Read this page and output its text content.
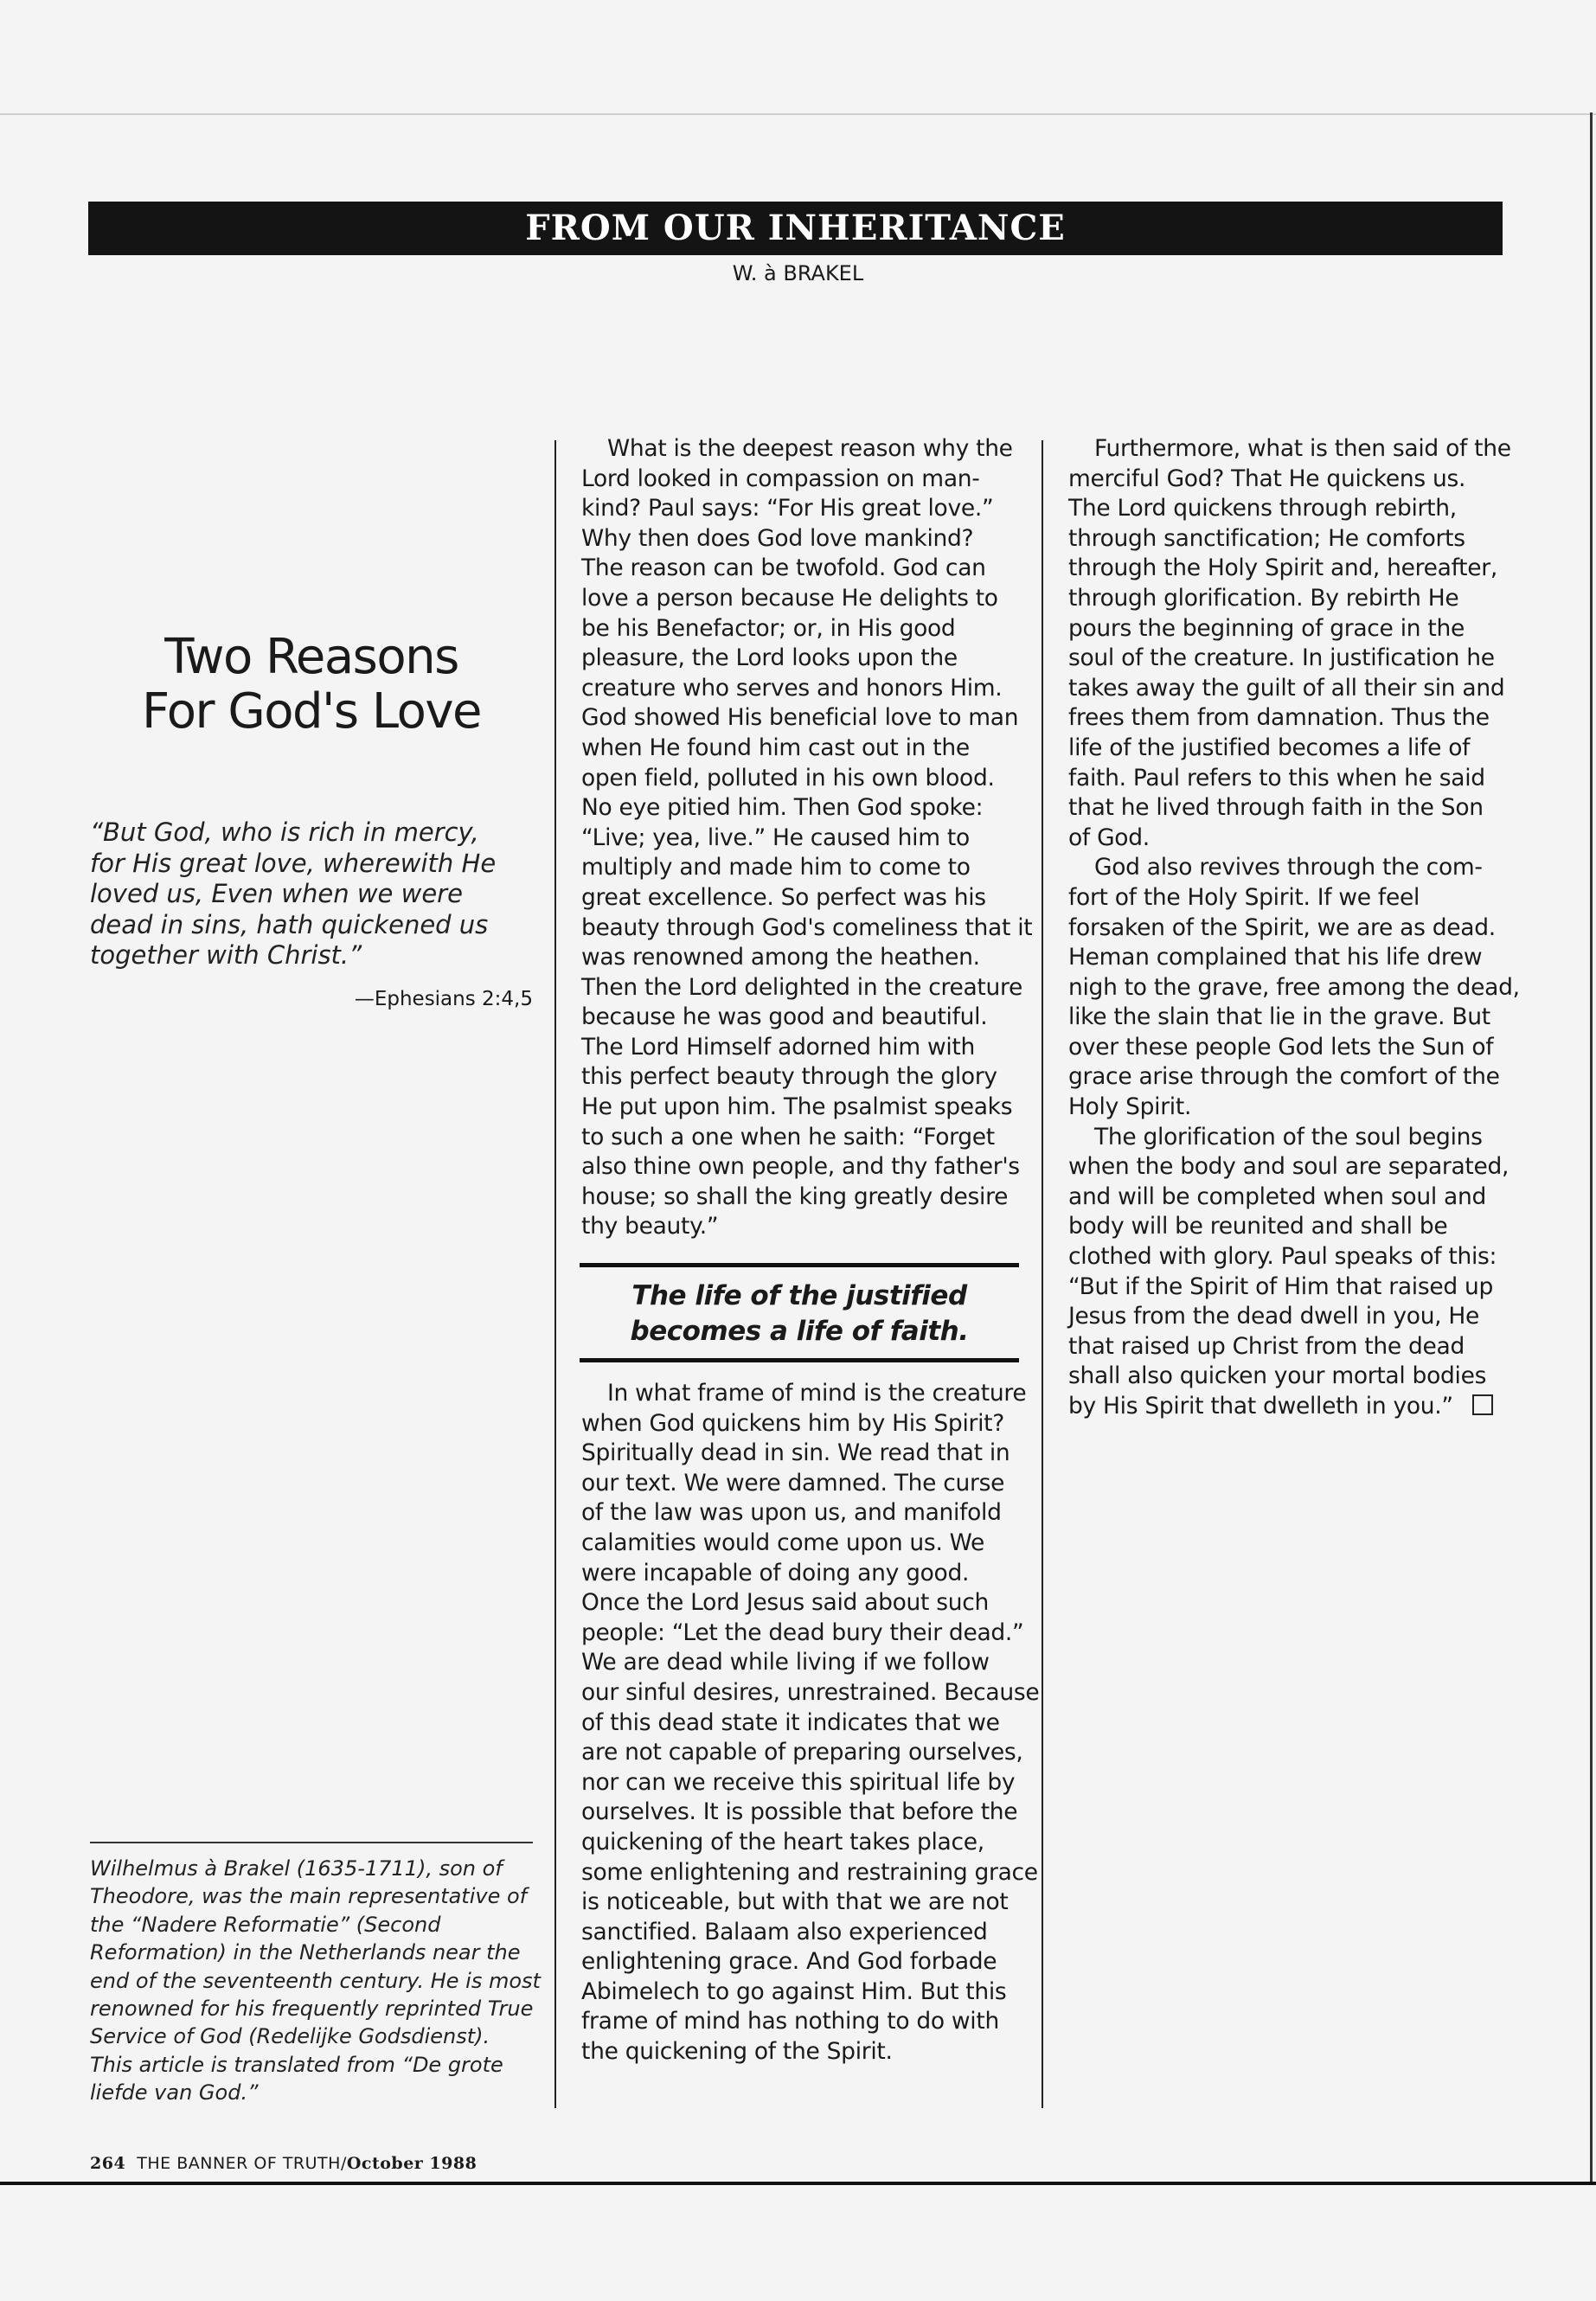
FROM OUR INHERITANCE
W. à BRAKEL
Two Reasons
For God's Love
“But God, who is rich in mercy,
for His great love, wherewith He
loved us, Even when we were
dead in sins, hath quickened us
together with Christ.”
—Ephesians 2:4,5
Wilhelmus à Brakel (1635-1711), son of
Theodore, was the main representative of
the “Nadere Reformatie” (Second
Reformation) in the Netherlands near the
end of the seventeenth century. He is most
renowned for his frequently reprinted True
Service of God (Redelijke Godsdienst).
This article is translated from “De grote
liefde van God.”
264 THE BANNER OF TRUTH/October 1988
What is the deepest reason why the
Lord looked in compassion on man-
kind? Paul says: “For His great love.”
Why then does God love mankind?
The reason can be twofold. God can
love a person because He delights to
be his Benefactor; or, in His good
pleasure, the Lord looks upon the
creature who serves and honors Him.
God showed His beneficial love to man
when He found him cast out in the
open field, polluted in his own blood.
No eye pitied him. Then God spoke:
“Live; yea, live.” He caused him to
multiply and made him to come to
great excellence. So perfect was his
beauty through God's comeliness that it
was renowned among the heathen.
Then the Lord delighted in the creature
because he was good and beautiful.
The Lord Himself adorned him with
this perfect beauty through the glory
He put upon him. The psalmist speaks
to such a one when he saith: “Forget
also thine own people, and thy father's
house; so shall the king greatly desire
thy beauty.”
The life of the justified
becomes a life of faith.
In what frame of mind is the creature
when God quickens him by His Spirit?
Spiritually dead in sin. We read that in
our text. We were damned. The curse
of the law was upon us, and manifold
calamities would come upon us. We
were incapable of doing any good.
Once the Lord Jesus said about such
people: “Let the dead bury their dead.”
We are dead while living if we follow
our sinful desires, unrestrained. Because
of this dead state it indicates that we
are not capable of preparing ourselves,
nor can we receive this spiritual life by
ourselves. It is possible that before the
quickening of the heart takes place,
some enlightening and restraining grace
is noticeable, but with that we are not
sanctified. Balaam also experienced
enlightening grace. And God forbade
Abimelech to go against Him. But this
frame of mind has nothing to do with
the quickening of the Spirit.
Furthermore, what is then said of the
merciful God? That He quickens us.
The Lord quickens through rebirth,
through sanctification; He comforts
through the Holy Spirit and, hereafter,
through glorification. By rebirth He
pours the beginning of grace in the
soul of the creature. In justification he
takes away the guilt of all their sin and
frees them from damnation. Thus the
life of the justified becomes a life of
faith. Paul refers to this when he said
that he lived through faith in the Son
of God.
God also revives through the com-
fort of the Holy Spirit. If we feel
forsaken of the Spirit, we are as dead.
Heman complained that his life drew
nigh to the grave, free among the dead,
like the slain that lie in the grave. But
over these people God lets the Sun of
grace arise through the comfort of the
Holy Spirit.
The glorification of the soul begins
when the body and soul are separated,
and will be completed when soul and
body will be reunited and shall be
clothed with glory. Paul speaks of this:
“But if the Spirit of Him that raised up
Jesus from the dead dwell in you, He
that raised up Christ from the dead
shall also quicken your mortal bodies
by His Spirit that dwelleth in you.”
